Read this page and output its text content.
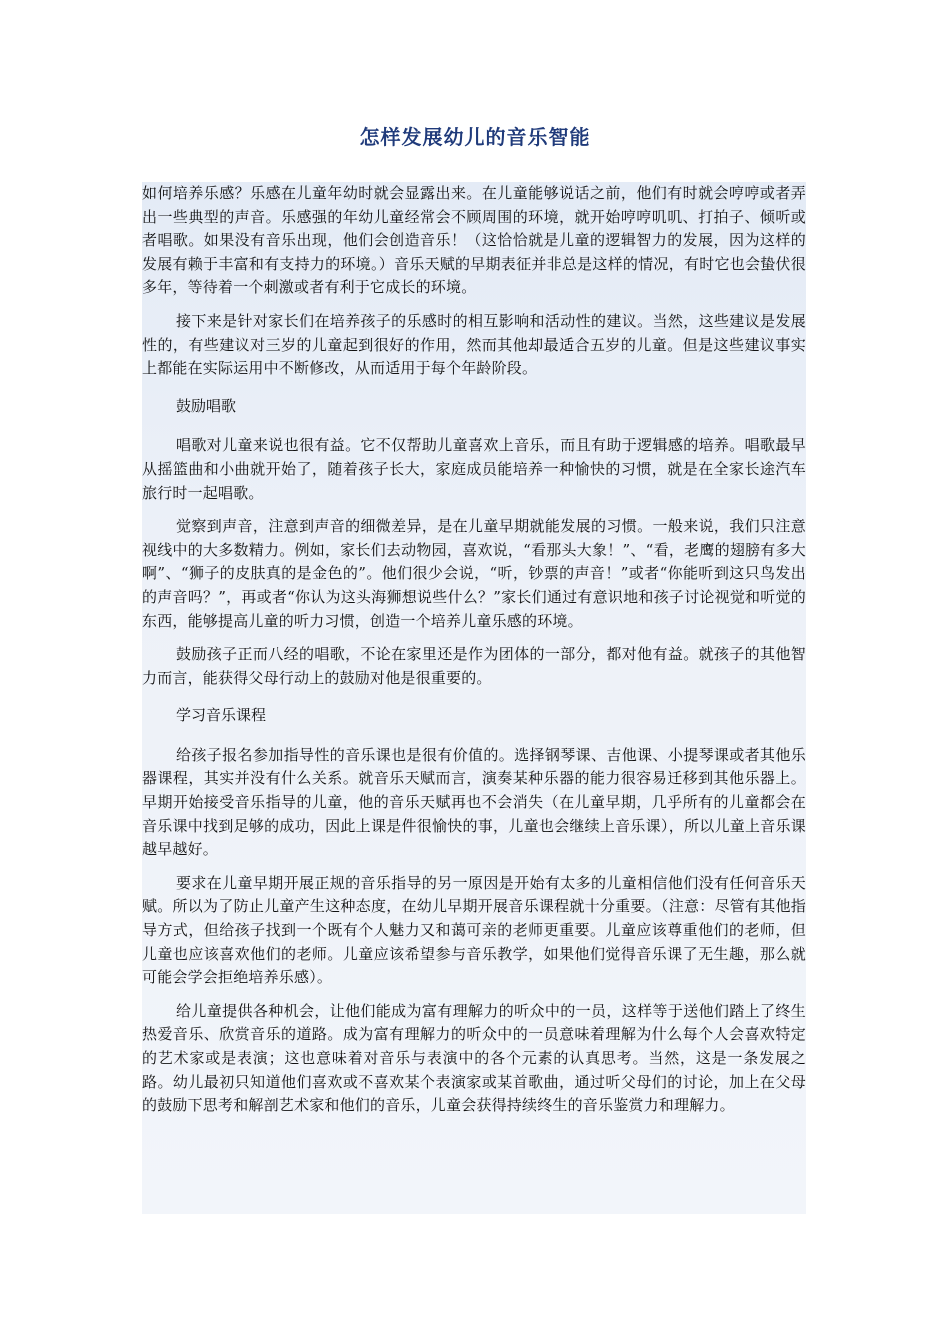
怎样发展幼儿的音乐智能

如何培养乐感？乐感在儿童年幼时就会显露出来。在儿童能够说话之前，他们有时就会哼哼或者弄出一些典型的声音。乐感强的年幼儿童经常会不顾周围的环境，就开始哼哼叽叽、打拍子、倾听或者唱歌。如果没有音乐出现，他们会创造音乐！（这恰恰就是儿童的逻辑智力的发展，因为这样的发展有赖于丰富和有支持力的环境。）音乐天赋的早期表征并非总是这样的情况，有时它也会蛰伏很多年，等待着一个刺激或者有利于它成长的环境。

接下来是针对家长们在培养孩子的乐感时的相互影响和活动性的建议。当然，这些建议是发展性的，有些建议对三岁的儿童起到很好的作用，然而其他却最适合五岁的儿童。但是这些建议事实上都能在实际运用中不断修改，从而适用于每个年龄阶段。

鼓励唱歌

唱歌对儿童来说也很有益。它不仅帮助儿童喜欢上音乐，而且有助于逻辑感的培养。唱歌最早从摇篮曲和小曲就开始了，随着孩子长大，家庭成员能培养一种愉快的习惯，就是在全家长途汽车旅行时一起唱歌。

觉察到声音，注意到声音的细微差异，是在儿童早期就能发展的习惯。一般来说，我们只注意视线中的大多数精力。例如，家长们去动物园，喜欢说，“看那头大象！”、“看，老鹰的翅膀有多大啊”、“狮子的皮肤真的是金色的”。他们很少会说，“听，钞票的声音！”或者“你能听到这只鸟发出的声音吗？”，再或者“你认为这头海狮想说些什么？”家长们通过有意识地和孩子讨论视觉和听觉的东西，能够提高儿童的听力习惯，创造一个培养儿童乐感的环境。

鼓励孩子正而八经的唱歌，不论在家里还是作为团体的一部分，都对他有益。就孩子的其他智力而言，能获得父母行动上的鼓励对他是很重要的。

学习音乐课程

给孩子报名参加指导性的音乐课也是很有价值的。选择钢琴课、吉他课、小提琴课或者其他乐器课程，其实并没有什么关系。就音乐天赋而言，演奏某种乐器的能力很容易迁移到其他乐器上。早期开始接受音乐指导的儿童，他的音乐天赋再也不会消失（在儿童早期，几乎所有的儿童都会在音乐课中找到足够的成功，因此上课是件很愉快的事，儿童也会继续上音乐课），所以儿童上音乐课越早越好。

要求在儿童早期开展正规的音乐指导的另一原因是开始有太多的儿童相信他们没有任何音乐天赋。所以为了防止儿童产生这种态度，在幼儿早期开展音乐课程就十分重要。（注意：尽管有其他指导方式，但给孩子找到一个既有个人魅力又和蔼可亲的老师更重要。儿童应该尊重他们的老师，但儿童也应该喜欢他们的老师。儿童应该希望参与音乐教学，如果他们觉得音乐课了无生趣，那么就可能会学会拒绝培养乐感）。

给儿童提供各种机会，让他们能成为富有理解力的听众中的一员，这样等于送他们踏上了终生热爱音乐、欣赏音乐的道路。成为富有理解力的听众中的一员意味着理解为什么每个人会喜欢特定的艺术家或是表演；这也意味着对音乐与表演中的各个元素的认真思考。当然，这是一条发展之路。幼儿最初只知道他们喜欢或不喜欢某个表演家或某首歌曲，通过听父母们的讨论，加上在父母的鼓励下思考和解剖艺术家和他们的音乐，儿童会获得持续终生的音乐鉴赏力和理解力。
